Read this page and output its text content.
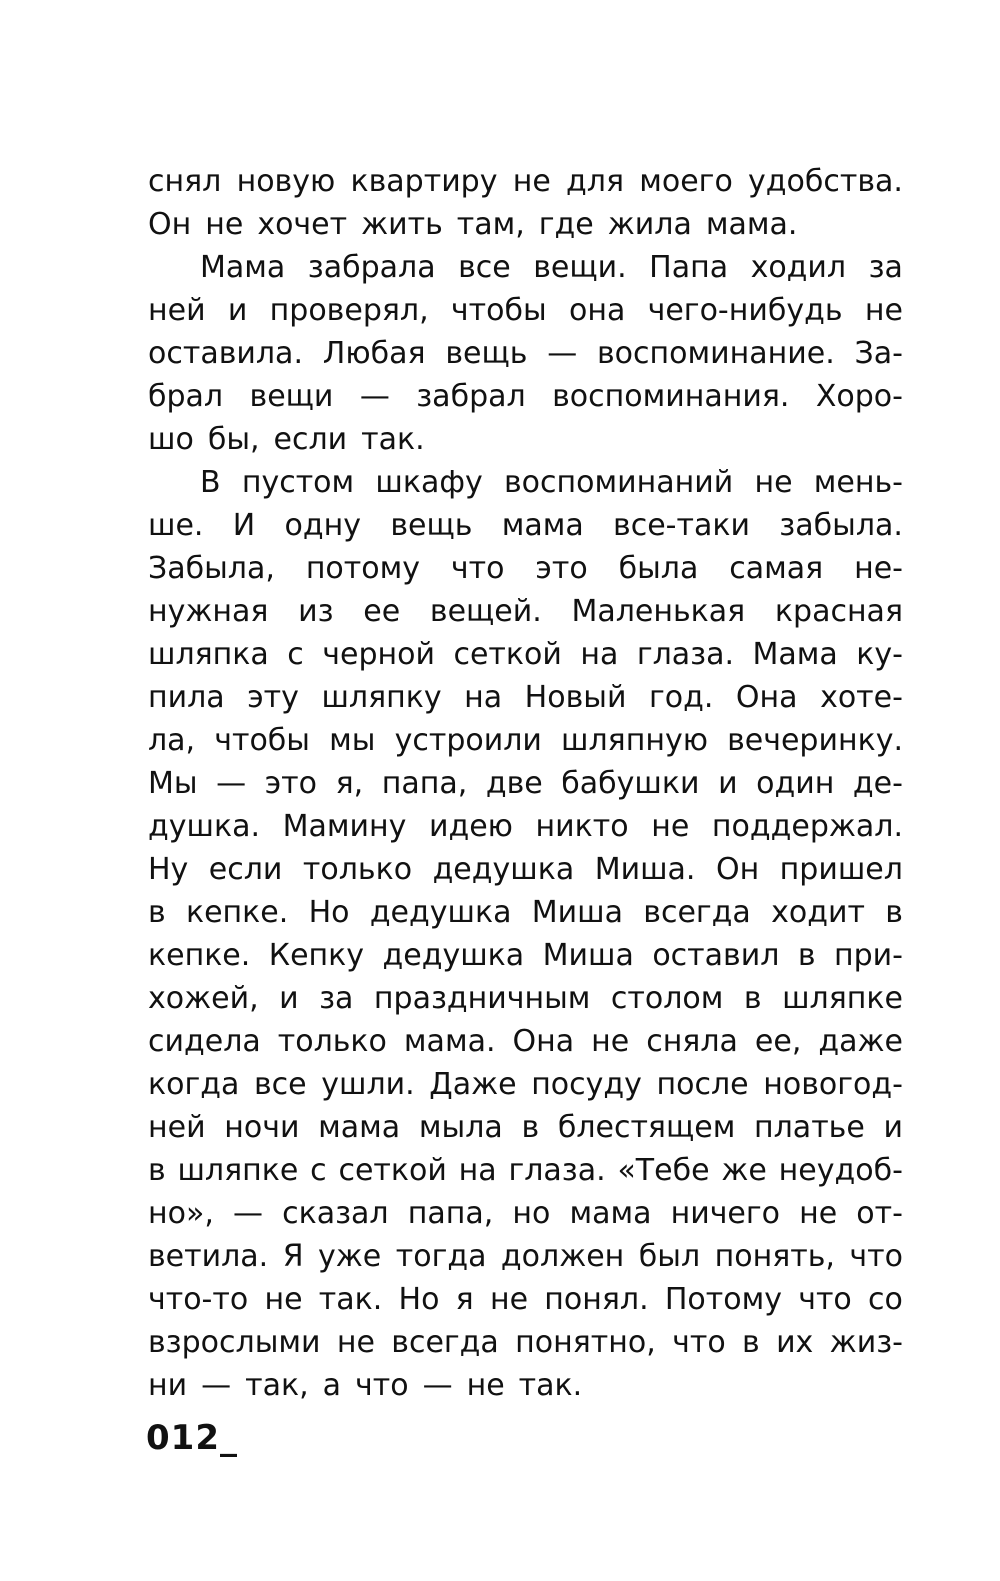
снял новую квартиру не для моего удобства.
Он не хочет жить там, где жила мама.
Мама забрала все вещи. Папа ходил за
ней и проверял, чтобы она чего-нибудь не
оставила. Любая вещь — воспоминание. За-
брал вещи — забрал воспоминания. Хоро-
шо бы, если так.
В пустом шкафу воспоминаний не мень-
ше. И одну вещь мама все-таки забыла.
Забыла, потому что это была самая не-
нужная из ее вещей. Маленькая красная
шляпка с черной сеткой на глаза. Мама ку-
пила эту шляпку на Новый год. Она хоте-
ла, чтобы мы устроили шляпную вечеринку.
Мы — это я, папа, две бабушки и один де-
душка. Мамину идею никто не поддержал.
Ну если только дедушка Миша. Он пришел
в кепке. Но дедушка Миша всегда ходит в
кепке. Кепку дедушка Миша оставил в при-
хожей, и за праздничным столом в шляпке
сидела только мама. Она не сняла ее, даже
когда все ушли. Даже посуду после новогод-
ней ночи мама мыла в блестящем платье и
в шляпке с сеткой на глаза. «Тебе же неудоб-
но», — сказал папа, но мама ничего не от-
ветила. Я уже тогда должен был понять, что
что-то не так. Но я не понял. Потому что со
взрослыми не всегда понятно, что в их жиз-
ни — так, а что — не так.
012_
